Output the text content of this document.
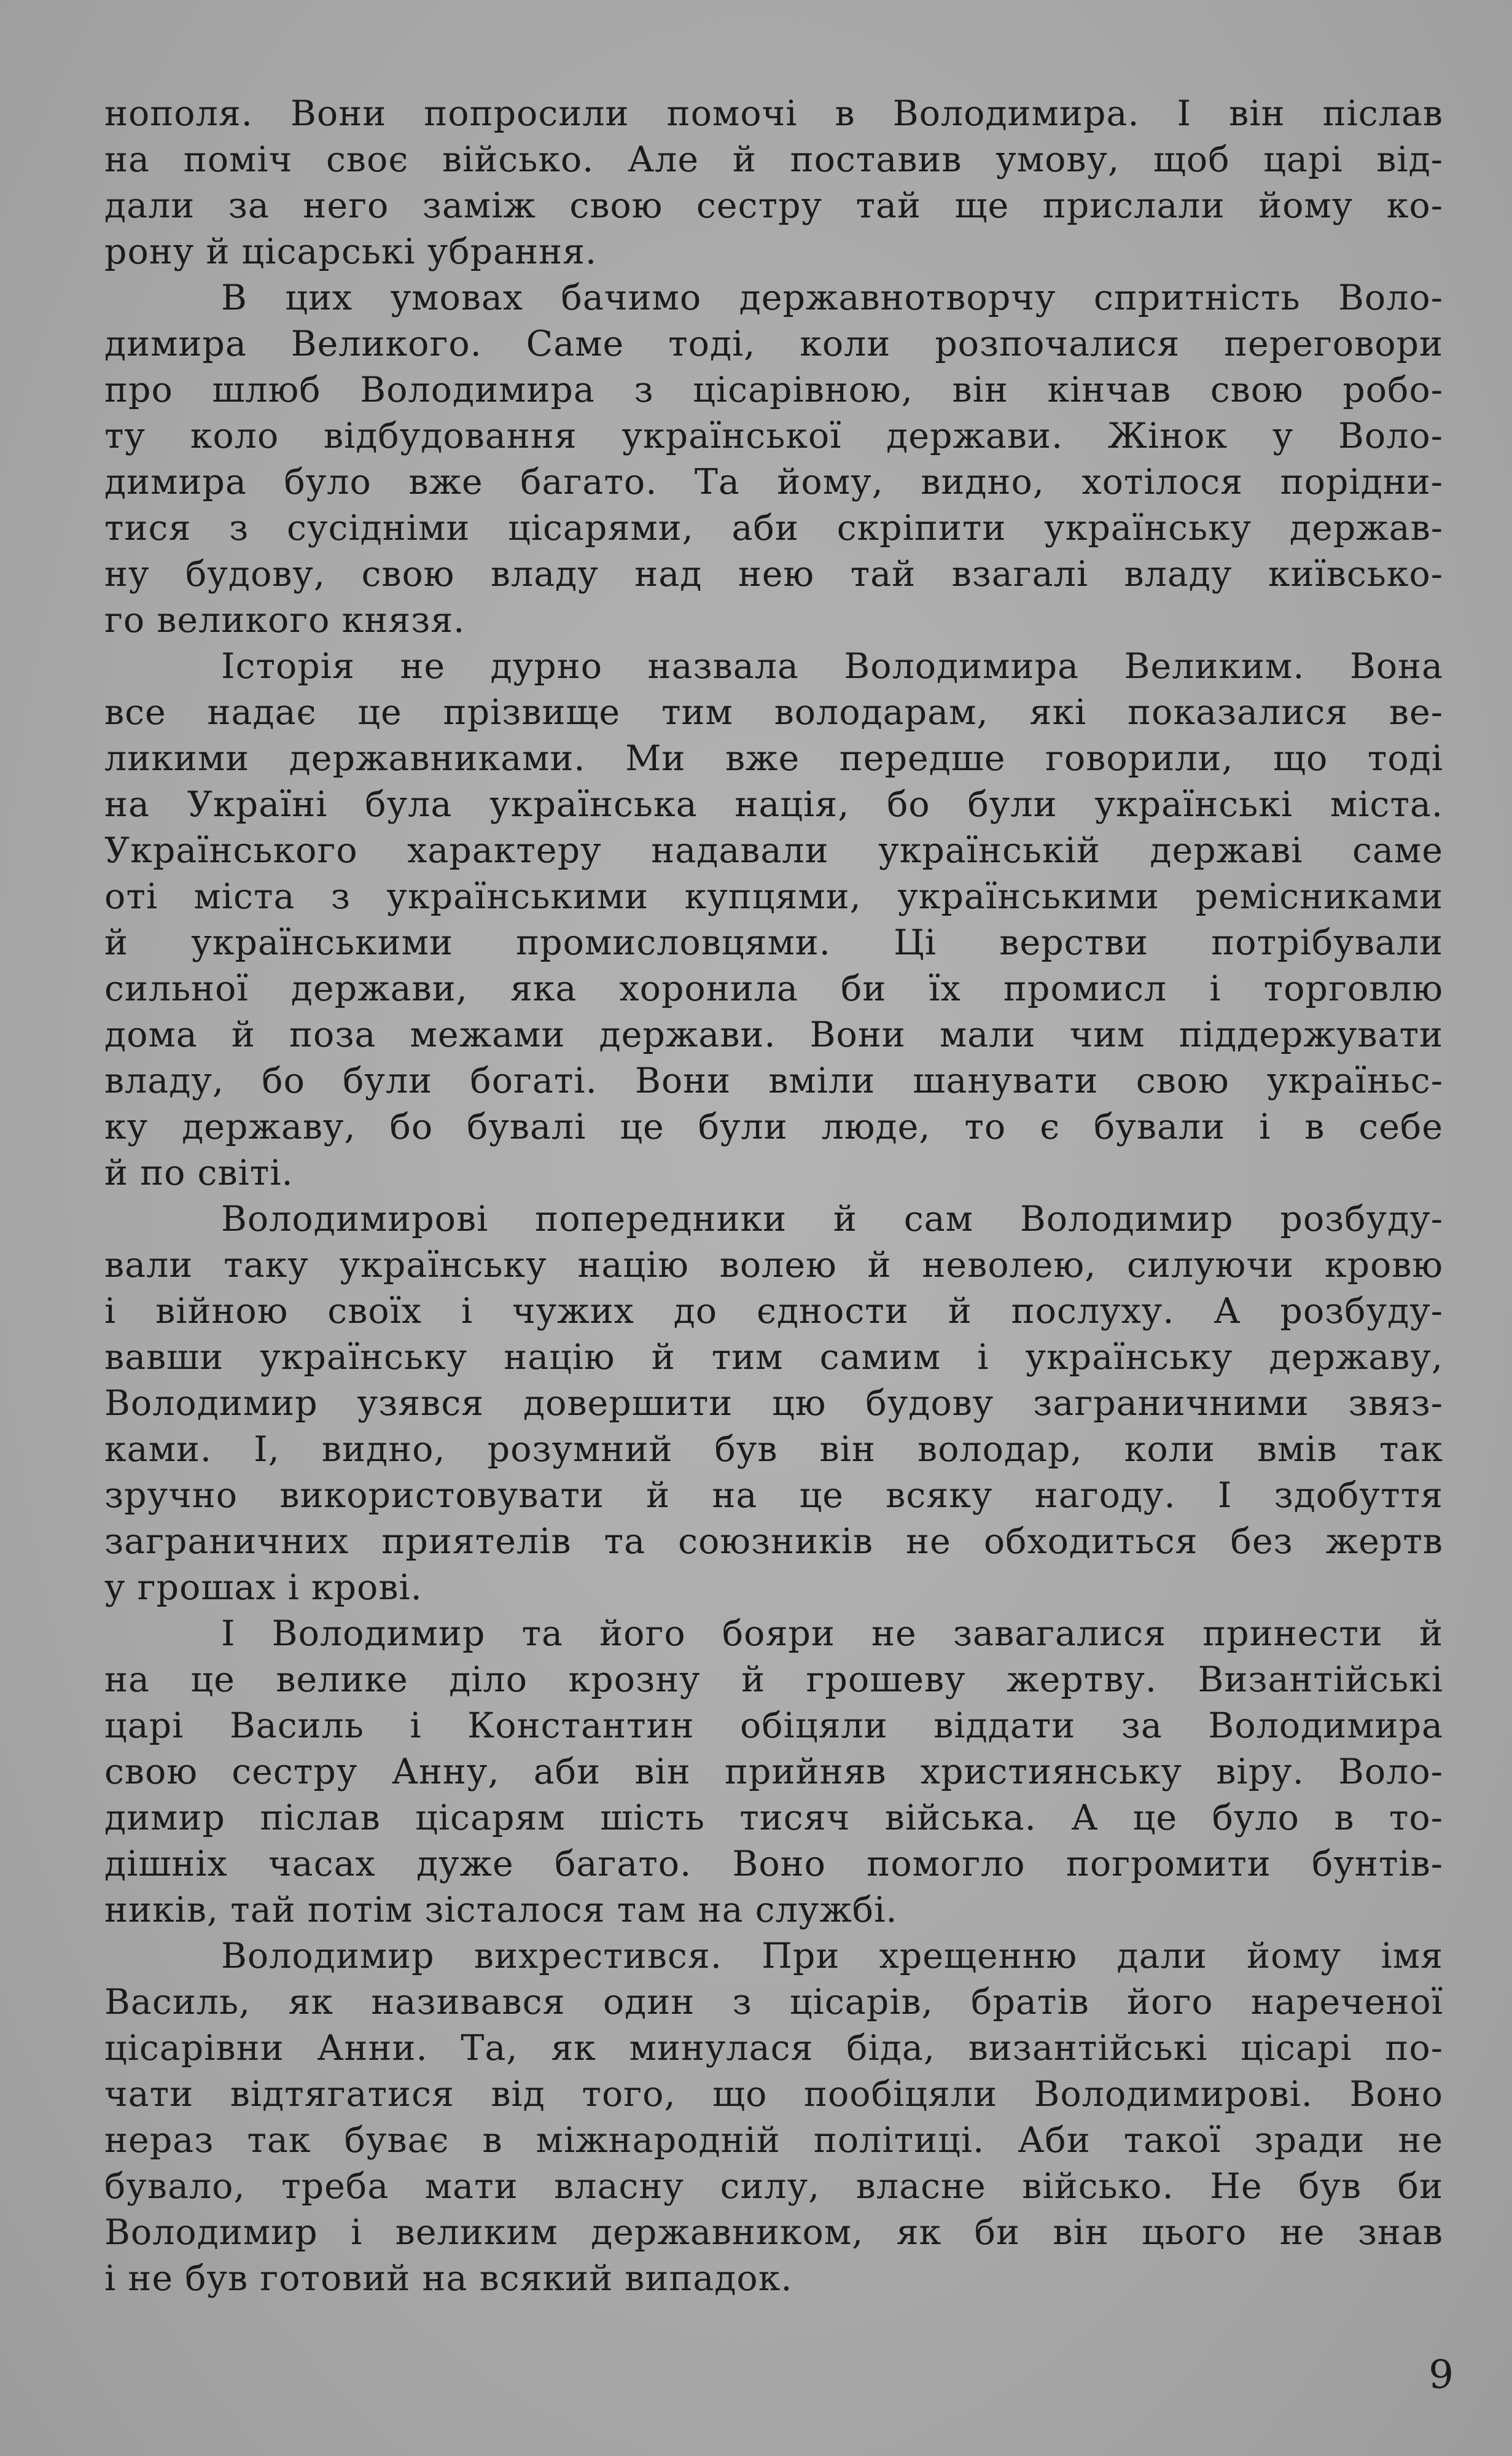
нополя. Вони попросили помочі в Володимира. І він післав
на поміч своє військо. Але й поставив умову, щоб царі від-
дали за него заміж свою сестру тай ще прислали йому ко-
рону й цісарські убрання.
В цих умовах бачимо державнотворчу спритність Воло-
димира Великого. Саме тоді, коли розпочалися переговори
про шлюб Володимира з цісарівною, він кінчав свою робо-
ту коло відбудовання української держави. Жінок у Воло-
димира було вже багато. Та йому, видно, хотілося порідни-
тися з сусідніми цісарями, аби скріпити українську держав-
ну будову, свою владу над нею тай взагалі владу київсько-
го великого князя.
Історія не дурно назвала Володимира Великим. Вона
все надає це прізвище тим володарам, які показалися ве-
ликими державниками. Ми вже передше говорили, що тоді
на Україні була українська нація, бо були українські міста.
Українського характеру надавали українській державі саме
оті міста з українськими купцями, українськими ремісниками
й українськими промисловцями. Ці верстви потрібували
сильної держави, яка хоронила би їх промисл і торговлю
дома й поза межами держави. Вони мали чим піддержувати
владу, бо були богаті. Вони вміли шанувати свою україньс-
ку державу, бо бувалі це були люде, то є бували і в себе
й по світі.
Володимирові попередники й сам Володимир розбуду-
вали таку українську націю волею й неволею, силуючи кровю
і війною своїх і чужих до єдности й послуху. А розбуду-
вавши українську націю й тим самим і українську державу,
Володимир узявся довершити цю будову заграничними звяз-
ками. І, видно, розумний був він володар, коли вмів так
зручно використовувати й на це всяку нагоду. І здобуття
заграничних приятелів та союзників не обходиться без жертв
у грошах і крові.
І Володимир та його бояри не завагалися принести й
на це велике діло крозну й грошеву жертву. Византійські
царі Василь і Константин обіцяли віддати за Володимира
свою сестру Анну, аби він прийняв християнську віру. Воло-
димир післав цісарям шість тисяч війська. А це було в то-
дішніх часах дуже багато. Воно помогло погромити бунтів-
ників, тай потім зісталося там на службі.
Володимир вихрестився. При хрещенню дали йому імя
Василь, як називався один з цісарів, братів його нареченої
цісарівни Анни. Та, як минулася біда, византійські цісарі по-
чати відтягатися від того, що пообіцяли Володимирові. Воно
нераз так буває в міжнародній політиці. Аби такої зради не
бувало, треба мати власну силу, власне військо. Не був би
Володимир і великим державником, як би він цього не знав
і не був готовий на всякий випадок.
9
